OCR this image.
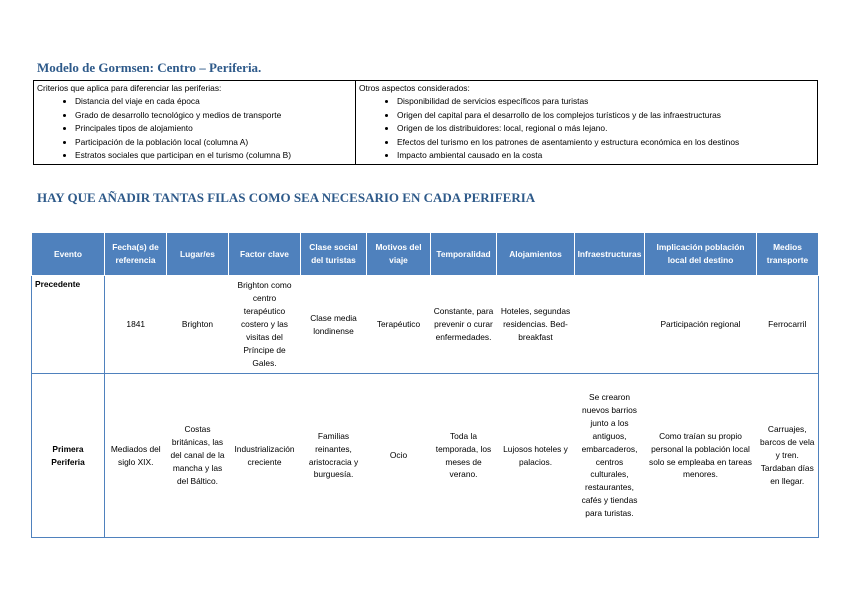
Modelo de Gormsen: Centro – Periferia.
Criterios que aplica para diferenciar las periferias:
• Distancia del viaje en cada época
• Grado de desarrollo tecnológico y medios de transporte
• Principales tipos de alojamiento
• Participación de la población local (columna A)
• Estratos sociales que participan en el turismo (columna B)

Otros aspectos considerados:
• Disponibilidad de servicios específicos para turistas
• Origen del capital para el desarrollo de los complejos turísticos y de las infraestructuras
• Origen de los distribuidores: local, regional o más lejano.
• Efectos del turismo en los patrones de asentamiento y estructura económica en los destinos
• Impacto ambiental causado en la costa
HAY QUE AÑADIR TANTAS FILAS COMO SEA NECESARIO EN CADA PERIFERIA
Evento	Fecha(s) de referencia	Lugar/es	Factor clave	Clase social del turistas	Motivos del viaje	Temporalidad	Alojamientos	Infraestructuras	Implicación población local del destino	Medios transporte
Precedente	1841	Brighton	Brighton como centro terapéutico costero y las visitas del Príncipe de Gales.	Clase media londinense	Terapéutico	Constante, para prevenir o curar enfermedades.	Hoteles, segundas residencias. Bed-breakfast		Participación regional	Ferrocarril
Primera Periferia	Mediados del siglo XIX.	Costas británicas, las del canal de la mancha y las del Báltico.	Industrialización creciente	Familias reinantes, aristocracia y burguesía.	Ocio	Toda la temporada, los meses de verano.	Lujosos hoteles y palacios.	Se crearon nuevos barrios junto a los antiguos, embarcaderos, centros culturales, restaurantes, cafés y tiendas para turistas.	Como traían su propio personal la población local solo se empleaba en tareas menores.	Carruajes, barcos de vela y tren. Tardaban días en llegar.
